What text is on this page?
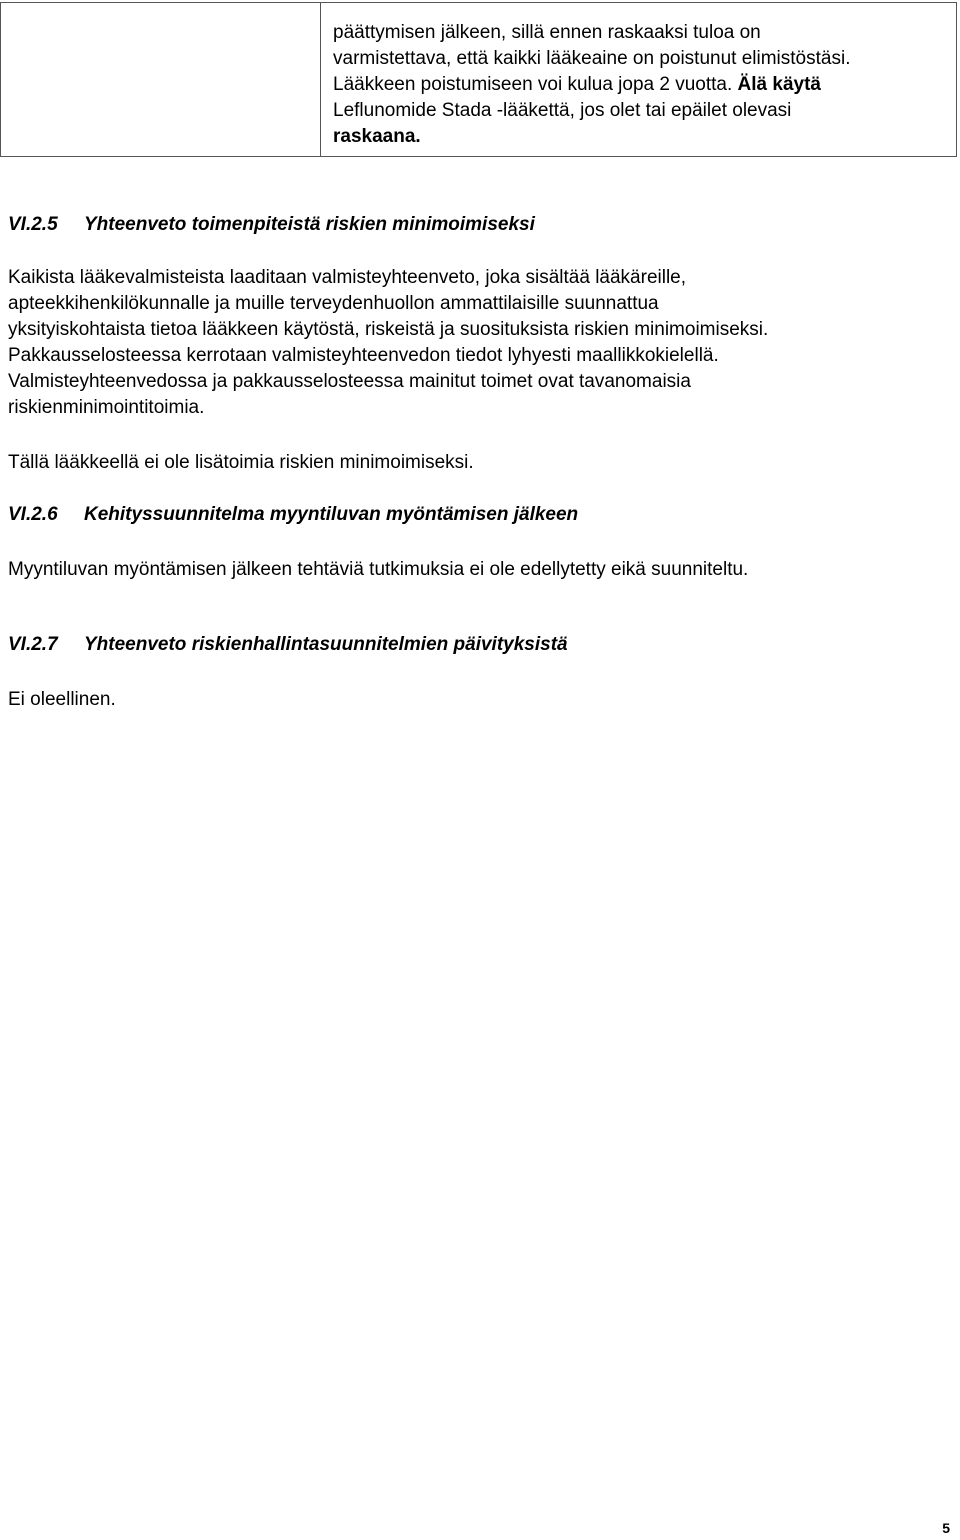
päättymisen jälkeen, sillä ennen raskaaksi tuloa on
varmistettava, että kaikki lääkeaine on poistunut elimistöstäsi.
Lääkkeen poistumiseen voi kulua jopa 2 vuotta. Älä käytä
Leflunomide Stada -lääkettä, jos olet tai epäilet olevasi
raskaana.
VI.2.5 Yhteenveto toimenpiteistä riskien minimoimiseksi
Kaikista lääkevalmisteista laaditaan valmisteyhteenveto, joka sisältää lääkäreille,
apteekkihenkilökunnalle ja muille terveydenhuollon ammattilaisille suunnattua
yksityiskohtaista tietoa lääkkeen käytöstä, riskeistä ja suosituksista riskien minimoimiseksi.
Pakkausselosteessa kerrotaan valmisteyhteenvedon tiedot lyhyesti maallikkokielellä.
Valmisteyhteenvedossa ja pakkausselosteessa mainitut toimet ovat tavanomaisia
riskienminimointitoimia.
Tällä lääkkeellä ei ole lisätoimia riskien minimoimiseksi.
VI.2.6 Kehityssuunnitelma myyntiluvan myöntämisen jälkeen
Myyntiluvan myöntämisen jälkeen tehtäviä tutkimuksia ei ole edellytetty eikä suunniteltu.
VI.2.7 Yhteenveto riskienhallintasuunnitelmien päivityksistä
Ei oleellinen.
5
